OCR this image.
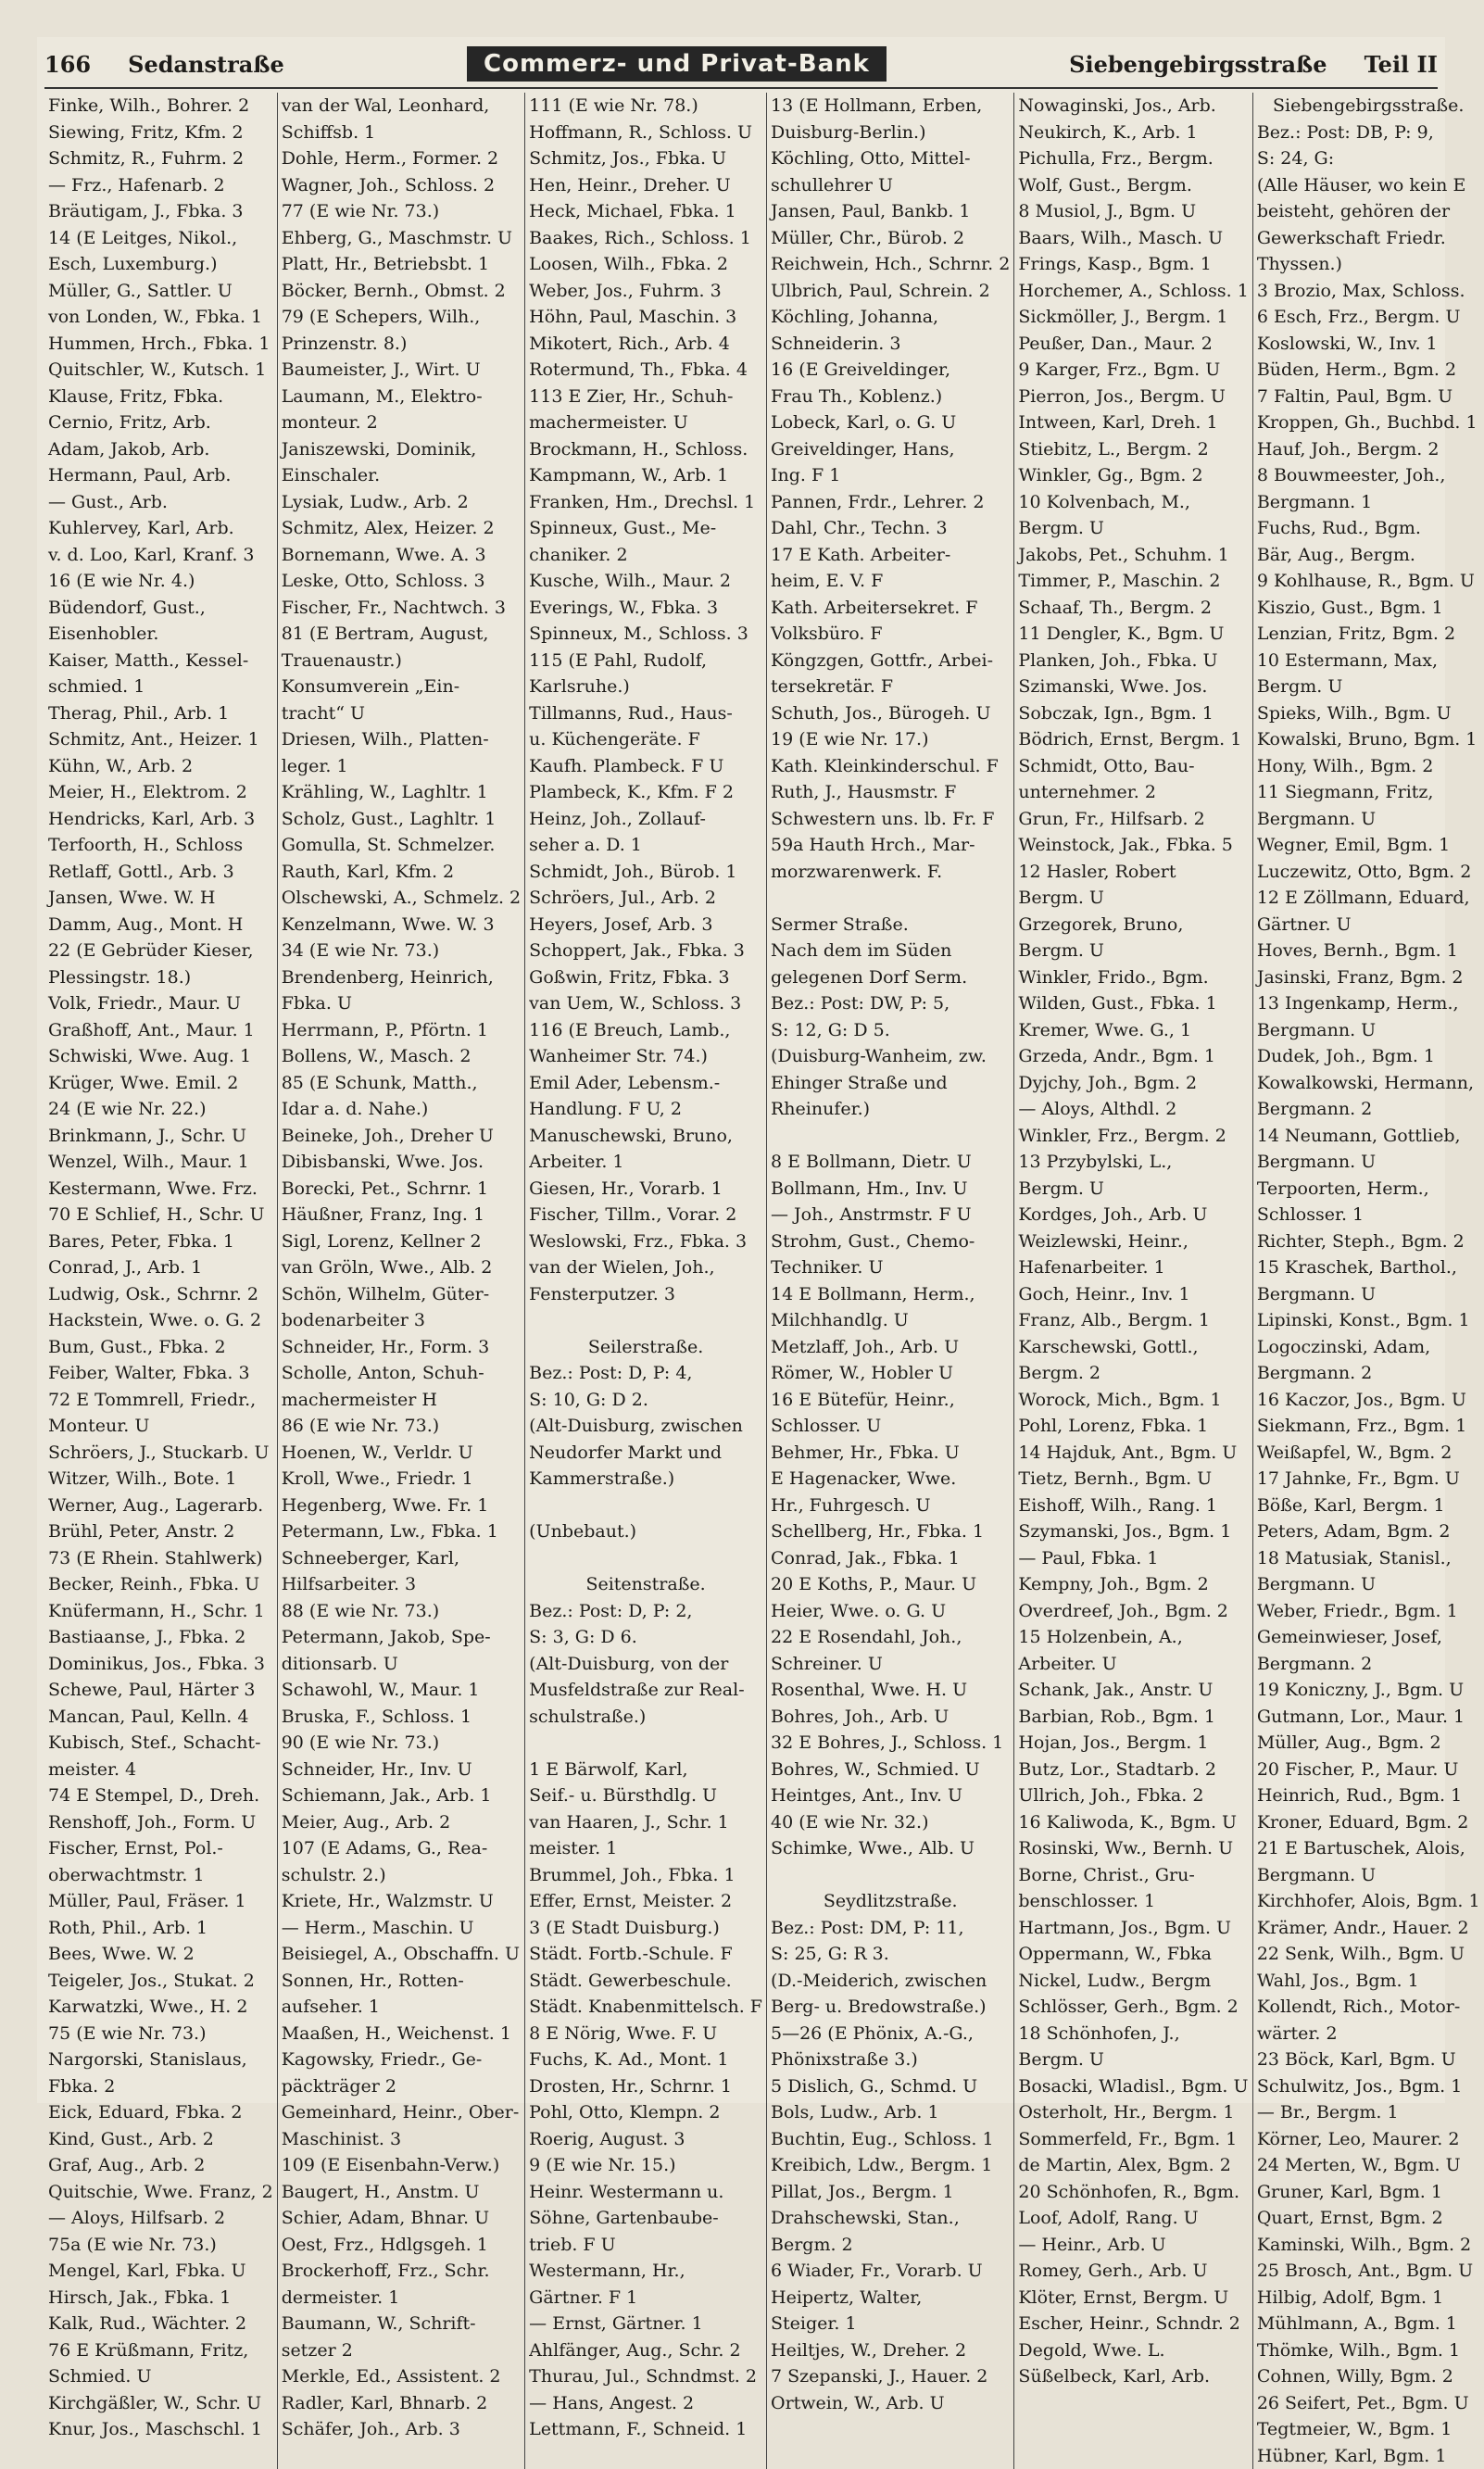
166 Sedanstraße	Commerz- und Privat-Bank	Siebengebirgsstraße Teil II
Finke, Wilh., Bohrer. 2
Siewing, Fritz, Kfm. 2
Schmitz, R., Fuhrm. 2
— Frz., Hafenarb. 2
Bräutigam, J., Fbka. 3
14 (E Leitges, Nikol.,
Esch, Luxemburg.)
Müller, G., Sattler. U
von Londen, W., Fbka. 1
Hummen, Hrch., Fbka. 1
Quitschler, W., Kutsch. 1
Klause, Fritz, Fbka.
Cernio, Fritz, Arb.
Adam, Jakob, Arb.
Hermann, Paul, Arb.
— Gust., Arb.
Kuhlervey, Karl, Arb.
v. d. Loo, Karl, Kranf. 3
16 (E wie Nr. 4.)
Büdendorf, Gust.,
Eisenhobler.
Kaiser, Matth., Kessel-
schmied. 1
Therag, Phil., Arb. 1
Schmitz, Ant., Heizer. 1
Kühn, W., Arb. 2
Meier, H., Elektrom. 2
Hendricks, Karl, Arb. 3
Terfoorth, H., Schloss
Retlaff, Gottl., Arb. 3
Jansen, Wwe. W. H
Damm, Aug., Mont. H
22 (E Gebrüder Kieser,
Plessingstr. 18.)
Volk, Friedr., Maur. U
Graßhoff, Ant., Maur. 1
Schwiski, Wwe. Aug. 1
Krüger, Wwe. Emil. 2
24 (E wie Nr. 22.)
Brinkmann, J., Schr. U
Wenzel, Wilh., Maur. 1
Kestermann, Wwe. Frz.
70 E Schlief, H., Schr. U
Bares, Peter, Fbka. 1
Conrad, J., Arb. 1
Ludwig, Osk., Schrnr. 2
Hackstein, Wwe. o. G. 2
Bum, Gust., Fbka. 2
Feiber, Walter, Fbka. 3
72 E Tommrell, Friedr.,
Monteur. U
Schröers, J., Stuckarb. U
Witzer, Wilh., Bote. 1
Werner, Aug., Lagerarb.
Brühl, Peter, Anstr. 2
73 (E Rhein. Stahlwerk)
Becker, Reinh., Fbka. U
Knüfermann, H., Schr. 1
Bastiaanse, J., Fbka. 2
Dominikus, Jos., Fbka. 3
Schewe, Paul, Härter 3
Mancan, Paul, Kelln. 4
Kubisch, Stef., Schacht-
meister. 4
74 E Stempel, D., Dreh.
Renshoff, Joh., Form. U
Fischer, Ernst, Pol.-
oberwachtmstr. 1
Müller, Paul, Fräser. 1
Roth, Phil., Arb. 1
Bees, Wwe. W. 2
Teigeler, Jos., Stukat. 2
Karwatzki, Wwe., H. 2
75 (E wie Nr. 73.)
Nargorski, Stanislaus,
Fbka. 2
Eick, Eduard, Fbka. 2
Kind, Gust., Arb. 2
Graf, Aug., Arb. 2
Quitschie, Wwe. Franz, 2
— Aloys, Hilfsarb. 2
75a (E wie Nr. 73.)
Mengel, Karl, Fbka. U
Hirsch, Jak., Fbka. 1
Kalk, Rud., Wächter. 2
76 E Krüßmann, Fritz,
Schmied. U
Kirchgäßler, W., Schr. U
Knur, Jos., Maschschl. 1
van der Wal, Leonhard,
Schiffsb. 1
Dohle, Herm., Former. 2
Wagner, Joh., Schloss. 2
77 (E wie Nr. 73.)
Ehberg, G., Maschmstr. U
Platt, Hr., Betriebsbt. 1
Böcker, Bernh., Obmst. 2
79 (E Schepers, Wilh.,
Prinzenstr. 8.)
Baumeister, J., Wirt. U
Laumann, M., Elektro-
monteur. 2
Janiszewski, Dominik,
Einschaler.
Lysiak, Ludw., Arb. 2
Schmitz, Alex, Heizer. 2
Bornemann, Wwe. A. 3
Leske, Otto, Schloss. 3
Fischer, Fr., Nachtwch. 3
81 (E Bertram, August,
Trauenaustr.)
Konsumverein „Ein-
tracht“ U
Driesen, Wilh., Platten-
leger. 1
Krähling, W., Laghltr. 1
Scholz, Gust., Laghltr. 1
Gomulla, St. Schmelzer.
Rauth, Karl, Kfm. 2
Olschewski, A., Schmelz. 2
Kenzelmann, Wwe. W. 3
34 (E wie Nr. 73.)
Brendenberg, Heinrich,
Fbka. U
Herrmann, P., Pförtn. 1
Bollens, W., Masch. 2
85 (E Schunk, Matth.,
Idar a. d. Nahe.)
Beineke, Joh., Dreher U
Dibisbanski, Wwe. Jos.
Borecki, Pet., Schrnr. 1
Häußner, Franz, Ing. 1
Sigl, Lorenz, Kellner 2
van Gröln, Wwe., Alb. 2
Schön, Wilhelm, Güter-
bodenarbeiter 3
Schneider, Hr., Form. 3
Scholle, Anton, Schuh-
machermeister H
86 (E wie Nr. 73.)
Hoenen, W., Verldr. U
Kroll, Wwe., Friedr. 1
Hegenberg, Wwe. Fr. 1
Petermann, Lw., Fbka. 1
Schneeberger, Karl,
Hilfsarbeiter. 3
88 (E wie Nr. 73.)
Petermann, Jakob, Spe-
ditionsarb. U
Schawohl, W., Maur. 1
Bruska, F., Schloss. 1
90 (E wie Nr. 73.)
Schneider, Hr., Inv. U
Schiemann, Jak., Arb. 1
Meier, Aug., Arb. 2
107 (E Adams, G., Rea-
schulstr. 2.)
Kriete, Hr., Walzmstr. U
— Herm., Maschin. U
Beisiegel, A., Obschaffn. U
Sonnen, Hr., Rotten-
aufseher. 1
Maaßen, H., Weichenst. 1
Kagowsky, Friedr., Ge-
päckträger 2
Gemeinhard, Heinr., Ober-
Maschinist. 3
109 (E Eisenbahn-Verw.)
Baugert, H., Anstm. U
Schier, Adam, Bhnar. U
Oest, Frz., Hdlgsgeh. 1
Brockerhoff, Frz., Schr.
dermeister. 1
Baumann, W., Schrift-
setzer 2
Merkle, Ed., Assistent. 2
Radler, Karl, Bhnarb. 2
Schäfer, Joh., Arb. 3
111 (E wie Nr. 78.)
Hoffmann, R., Schloss. U
Schmitz, Jos., Fbka. U
Hen, Heinr., Dreher. U
Heck, Michael, Fbka. 1
Baakes, Rich., Schloss. 1
Loosen, Wilh., Fbka. 2
Weber, Jos., Fuhrm. 3
Höhn, Paul, Maschin. 3
Mikotert, Rich., Arb. 4
Rotermund, Th., Fbka. 4
113 E Zier, Hr., Schuh-
machermeister. U
Brockmann, H., Schloss.
Kampmann, W., Arb. 1
Franken, Hm., Drechsl. 1
Spinneux, Gust., Me-
chaniker. 2
Kusche, Wilh., Maur. 2
Everings, W., Fbka. 3
Spinneux, M., Schloss. 3
115 (E Pahl, Rudolf,
Karlsruhe.)
Tillmanns, Rud., Haus-
u. Küchengeräte. F
Kaufh. Plambeck. F U
Plambeck, K., Kfm. F 2
Heinz, Joh., Zollauf-
seher a. D. 1
Schmidt, Joh., Bürob. 1
Schröers, Jul., Arb. 2
Heyers, Josef, Arb. 3
Schoppert, Jak., Fbka. 3
Goßwin, Fritz, Fbka. 3
van Uem, W., Schloss. 3
116 (E Breuch, Lamb.,
Wanheimer Str. 74.)
Emil Ader, Lebensm.-
Handlung. F U, 2
Manuschewski, Bruno,
Arbeiter. 1
Giesen, Hr., Vorarb. 1
Fischer, Tillm., Vorar. 2
Weslowski, Frz., Fbka. 3
van der Wielen, Joh.,
Fensterputzer. 3
Seilerstraße.
Bez.: Post: D, P: 4,
S: 10, G: D 2.
(Alt-Duisburg, zwischen
Neudorfer Markt und
Kammerstraße.)
(Unbebaut.)
Seitenstraße.
Bez.: Post: D, P: 2,
S: 3, G: D 6.
(Alt-Duisburg, von der
Musfeldstraße zur Real-
schulstraße.)
1 E Bärwolf, Karl,
Seif.- u. Bürsthdlg. U
van Haaren, J., Schr. 1
meister. 1
Brummel, Joh., Fbka. 1
Effer, Ernst, Meister. 2
3 (E Stadt Duisburg.)
Städt. Fortb.-Schule. F
Städt. Gewerbeschule.
Städt. Knabenmittelsch. F
8 E Nörig, Wwe. F. U
Fuchs, K. Ad., Mont. 1
Drosten, Hr., Schrnr. 1
Pohl, Otto, Klempn. 2
Roerig, August. 3
9 (E wie Nr. 15.)
Heinr. Westermann u.
Söhne, Gartenbaube-
trieb. F U
Westermann, Hr.,
Gärtner. F 1
— Ernst, Gärtner. 1
Ahlfänger, Aug., Schr. 2
Thurau, Jul., Schndmst. 2
— Hans, Angest. 2
Lettmann, F., Schneid. 1
13 (E Hollmann, Erben,
Duisburg-Berlin.)
Köchling, Otto, Mittel-
schullehrer U
Jansen, Paul, Bankb. 1
Müller, Chr., Bürob. 2
Reichwein, Hch., Schrnr. 2
Ulbrich, Paul, Schrein. 2
Köchling, Johanna,
Schneiderin. 3
16 (E Greiveldinger,
Frau Th., Koblenz.)
Lobeck, Karl, o. G. U
Greiveldinger, Hans,
Ing. F 1
Pannen, Frdr., Lehrer. 2
Dahl, Chr., Techn. 3
17 E Kath. Arbeiter-
heim, E. V. F
Kath. Arbeitersekret. F
Volksbüro. F
Köngzgen, Gottfr., Arbei-
tersekretär. F
Schuth, Jos., Bürogeh. U
19 (E wie Nr. 17.)
Kath. Kleinkinderschul. F
Ruth, J., Hausmstr. F
Schwestern uns. lb. Fr. F
59a Hauth Hrch., Mar-
morzwarenwerk. F.
Sermer Straße.
Nach dem im Süden
gelegenen Dorf Serm.
Bez.: Post: DW, P: 5,
S: 12, G: D 5.
(Duisburg-Wanheim, zw.
Ehinger Straße und
Rheinufer.)
8 E Bollmann, Dietr. U
Bollmann, Hm., Inv. U
— Joh., Anstrmstr. F U
Strohm, Gust., Chemo-
Techniker. U
14 E Bollmann, Herm.,
Milchhandlg. U
Metzlaff, Joh., Arb. U
Römer, W., Hobler U
16 E Bütefür, Heinr.,
Schlosser. U
Behmer, Hr., Fbka. U
E Hagenacker, Wwe.
Hr., Fuhrgesch. U
Schellberg, Hr., Fbka. 1
Conrad, Jak., Fbka. 1
20 E Koths, P., Maur. U
Heier, Wwe. o. G. U
22 E Rosendahl, Joh.,
Schreiner. U
Rosenthal, Wwe. H. U
Bohres, Joh., Arb. U
32 E Bohres, J., Schloss. 1
Bohres, W., Schmied. U
Heintges, Ant., Inv. U
40 (E wie Nr. 32.)
Schimke, Wwe., Alb. U
Seydlitzstraße.
Bez.: Post: DM, P: 11,
S: 25, G: R 3.
(D.-Meiderich, zwischen
Berg- u. Bredowstraße.)
5—26 (E Phönix, A.-G.,
Phönixstraße 3.)
5 Dislich, G., Schmd. U
Bols, Ludw., Arb. 1
Buchtin, Eug., Schloss. 1
Kreibich, Ldw., Bergm. 1
Pillat, Jos., Bergm. 1
Drahschewski, Stan.,
Bergm. 2
6 Wiader, Fr., Vorarb. U
Heipertz, Walter,
Steiger. 1
Heiltjes, W., Dreher. 2
7 Szepanski, J., Hauer. 2
Ortwein, W., Arb. U
Nowaginski, Jos., Arb.
Neukirch, K., Arb. 1
Pichulla, Frz., Bergm.
Wolf, Gust., Bergm.
8 Musiol, J., Bgm. U
Baars, Wilh., Masch. U
Frings, Kasp., Bgm. 1
Horchemer, A., Schloss. 1
Sickmöller, J., Bergm. 1
Peußer, Dan., Maur. 2
9 Karger, Frz., Bgm. U
Pierron, Jos., Bergm. U
Intween, Karl, Dreh. 1
Stiebitz, L., Bergm. 2
Winkler, Gg., Bgm. 2
10 Kolvenbach, M.,
Bergm. U
Jakobs, Pet., Schuhm. 1
Timmer, P., Maschin. 2
Schaaf, Th., Bergm. 2
11 Dengler, K., Bgm. U
Planken, Joh., Fbka. U
Szimanski, Wwe. Jos.
Sobczak, Ign., Bgm. 1
Bödrich, Ernst, Bergm. 1
Schmidt, Otto, Bau-
unternehmer. 2
Grun, Fr., Hilfsarb. 2
Weinstock, Jak., Fbka. 5
12 Hasler, Robert
Bergm. U
Grzegorek, Bruno,
Bergm. U
Winkler, Frido., Bgm.
Wilden, Gust., Fbka. 1
Kremer, Wwe. G., 1
Grzeda, Andr., Bgm. 1
Dyjchy, Joh., Bgm. 2
— Aloys, Althdl. 2
Winkler, Frz., Bergm. 2
13 Przybylski, L.,
Bergm. U
Kordges, Joh., Arb. U
Weizlewski, Heinr.,
Hafenarbeiter. 1
Goch, Heinr., Inv. 1
Franz, Alb., Bergm. 1
Karschewski, Gottl.,
Bergm. 2
Worock, Mich., Bgm. 1
Pohl, Lorenz, Fbka. 1
14 Hajduk, Ant., Bgm. U
Tietz, Bernh., Bgm. U
Eishoff, Wilh., Rang. 1
Szymanski, Jos., Bgm. 1
— Paul, Fbka. 1
Kempny, Joh., Bgm. 2
Overdreef, Joh., Bgm. 2
15 Holzenbein, A.,
Arbeiter. U
Schank, Jak., Anstr. U
Barbian, Rob., Bgm. 1
Hojan, Jos., Bergm. 1
Butz, Lor., Stadtarb. 2
Ullrich, Joh., Fbka. 2
16 Kaliwoda, K., Bgm. U
Rosinski, Ww., Bernh. U
Borne, Christ., Gru-
benschlosser. 1
Hartmann, Jos., Bgm. U
Oppermann, W., Fbka
Nickel, Ludw., Bergm
Schlösser, Gerh., Bgm. 2
18 Schönhofen, J.,
Bergm. U
Bosacki, Wladisl., Bgm. U
Osterholt, Hr., Bergm. 1
Sommerfeld, Fr., Bgm. 1
de Martin, Alex, Bgm. 2
20 Schönhofen, R., Bgm.
Loof, Adolf, Rang. U
— Heinr., Arb. U
Romey, Gerh., Arb. U
Klöter, Ernst, Bergm. U
Escher, Heinr., Schndr. 2
Degold, Wwe. L.
Süßelbeck, Karl, Arb.
Siebengebirgsstraße.
Bez.: Post: DB, P: 9,
S: 24, G:
(Alle Häuser, wo kein E
beisteht, gehören der
Gewerkschaft Friedr.
Thyssen.)
3 Brozio, Max, Schloss.
6 Esch, Frz., Bergm. U
Koslowski, W., Inv. 1
Büden, Herm., Bgm. 2
7 Faltin, Paul, Bgm. U
Kroppen, Gh., Buchbd. 1
Hauf, Joh., Bergm. 2
8 Bouwmeester, Joh.,
Bergmann. 1
Fuchs, Rud., Bgm.
Bär, Aug., Bergm.
9 Kohlhause, R., Bgm. U
Kiszio, Gust., Bgm. 1
Lenzian, Fritz, Bgm. 2
10 Estermann, Max,
Bergm. U
Spieks, Wilh., Bgm. U
Kowalski, Bruno, Bgm. 1
Hony, Wilh., Bgm. 2
11 Siegmann, Fritz,
Bergmann. U
Wegner, Emil, Bgm. 1
Luczewitz, Otto, Bgm. 2
12 E Zöllmann, Eduard,
Gärtner. U
Hoves, Bernh., Bgm. 1
Jasinski, Franz, Bgm. 2
13 Ingenkamp, Herm.,
Bergmann. U
Dudek, Joh., Bgm. 1
Kowalkowski, Hermann,
Bergmann. 2
14 Neumann, Gottlieb,
Bergmann. U
Terpoorten, Herm.,
Schlosser. 1
Richter, Steph., Bgm. 2
15 Kraschek, Barthol.,
Bergmann. U
Lipinski, Konst., Bgm. 1
Logoczinski, Adam,
Bergmann. 2
16 Kaczor, Jos., Bgm. U
Siekmann, Frz., Bgm. 1
Weißapfel, W., Bgm. 2
17 Jahnke, Fr., Bgm. U
Böße, Karl, Bergm. 1
Peters, Adam, Bgm. 2
18 Matusiak, Stanisl.,
Bergmann. U
Weber, Friedr., Bgm. 1
Gemeinwieser, Josef,
Bergmann. 2
19 Koniczny, J., Bgm. U
Gutmann, Lor., Maur. 1
Müller, Aug., Bgm. 2
20 Fischer, P., Maur. U
Heinrich, Rud., Bgm. 1
Kroner, Eduard, Bgm. 2
21 E Bartuschek, Alois,
Bergmann. U
Kirchhofer, Alois, Bgm. 1
Krämer, Andr., Hauer. 2
22 Senk, Wilh., Bgm. U
Wahl, Jos., Bgm. 1
Kollendt, Rich., Motor-
wärter. 2
23 Böck, Karl, Bgm. U
Schulwitz, Jos., Bgm. 1
— Br., Bergm. 1
Körner, Leo, Maurer. 2
24 Merten, W., Bgm. U
Gruner, Karl, Bgm. 1
Quart, Ernst, Bgm. 2
Kaminski, Wilh., Bgm. 2
25 Brosch, Ant., Bgm. U
Hilbig, Adolf, Bgm. 1
Mühlmann, A., Bgm. 1
Thömke, Wilh., Bgm. 1
Cohnen, Willy, Bgm. 2
26 Seifert, Pet., Bgm. U
Tegtmeier, W., Bgm. 1
Hübner, Karl, Bgm. 1
